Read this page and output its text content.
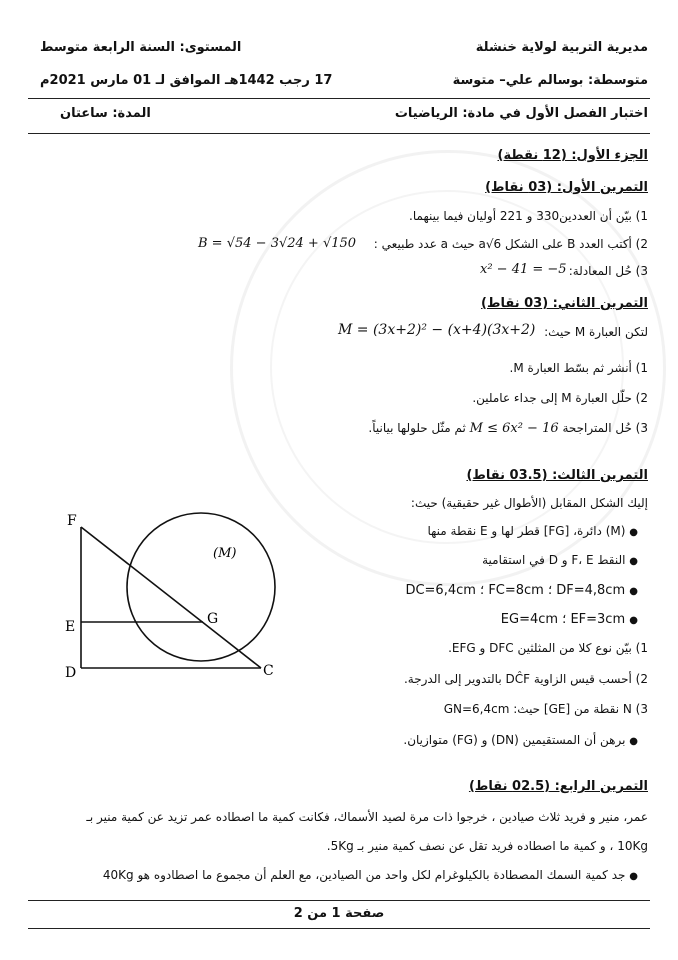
مديرية التربية لولاية خنشلة
المستوى: السنة الرابعة متوسط
متوسطة: بوسالم علي– متوسة
17 رجب 1442هـ الموافق لـ 01 مارس 2021م
اختبار الفصل الأول في مادة: الرياضيات
المدة: ساعتان
الجزء الأول: (12 نقطة)
التمرين الأول: (03 نقاط)
1) بيّن أن العددين330 و 221 أوليان فيما بينهما.
2) أكتب العدد B على الشكل a√6 حيث a عدد طبيعي :
B = √54 − 3√24 + √150
3) حُل المعادلة:
x² − 41 = −5
التمرين الثاني: (03 نقاط)
لتكن العبارة M حيث:
M = (3x+2)² − (x+4)(3x+2)
1) أنشر ثم بسّط العبارة M.
2) حلّل العبارة M إلى جداء عاملين.
3) حُل المتراجحة M ≤ 6x² − 16 ثم مثّل حلولها بيانياً.
التمرين الثالث: (03.5 نقاط)
إليك الشكل المقابل (الأطوال غير حقيقية) حيث:
● (M) دائرة، [FG] قطر لها و E نقطة منها
● النقط F، E و D في استقامية
● DF=4,8cm ؛ FC=8cm ؛ DC=6,4cm
● EF=3cm ؛ EG=4cm
1) بيّن نوع كلا من المثلثين DFC و EFG.
2) أحسب قيس الزاوية DĈF بالتدوير إلى الدرجة.
3) N نقطة من [GE] حيث: GN=6,4cm
● برهن أن المستقيمين (DN) و (FG) متوازيان.
F
E
D
G
C
(M)
التمرين الرابع: (02.5 نقاط)
عمر، منير و فريد ثلاث صيادين ، خرجوا ذات مرة لصيد الأسماك، فكانت كمية ما اصطاده عمر تزيد عن كمية منير بـ
10Kg ، و كمية ما اصطاده فريد تقل عن نصف كمية منير بـ 5Kg.
● جد كمية السمك المصطادة بالكيلوغرام لكل واحد من الصيادين، مع العلم أن مجموع ما اصطادوه هو 40Kg
صفحة 1 من 2
